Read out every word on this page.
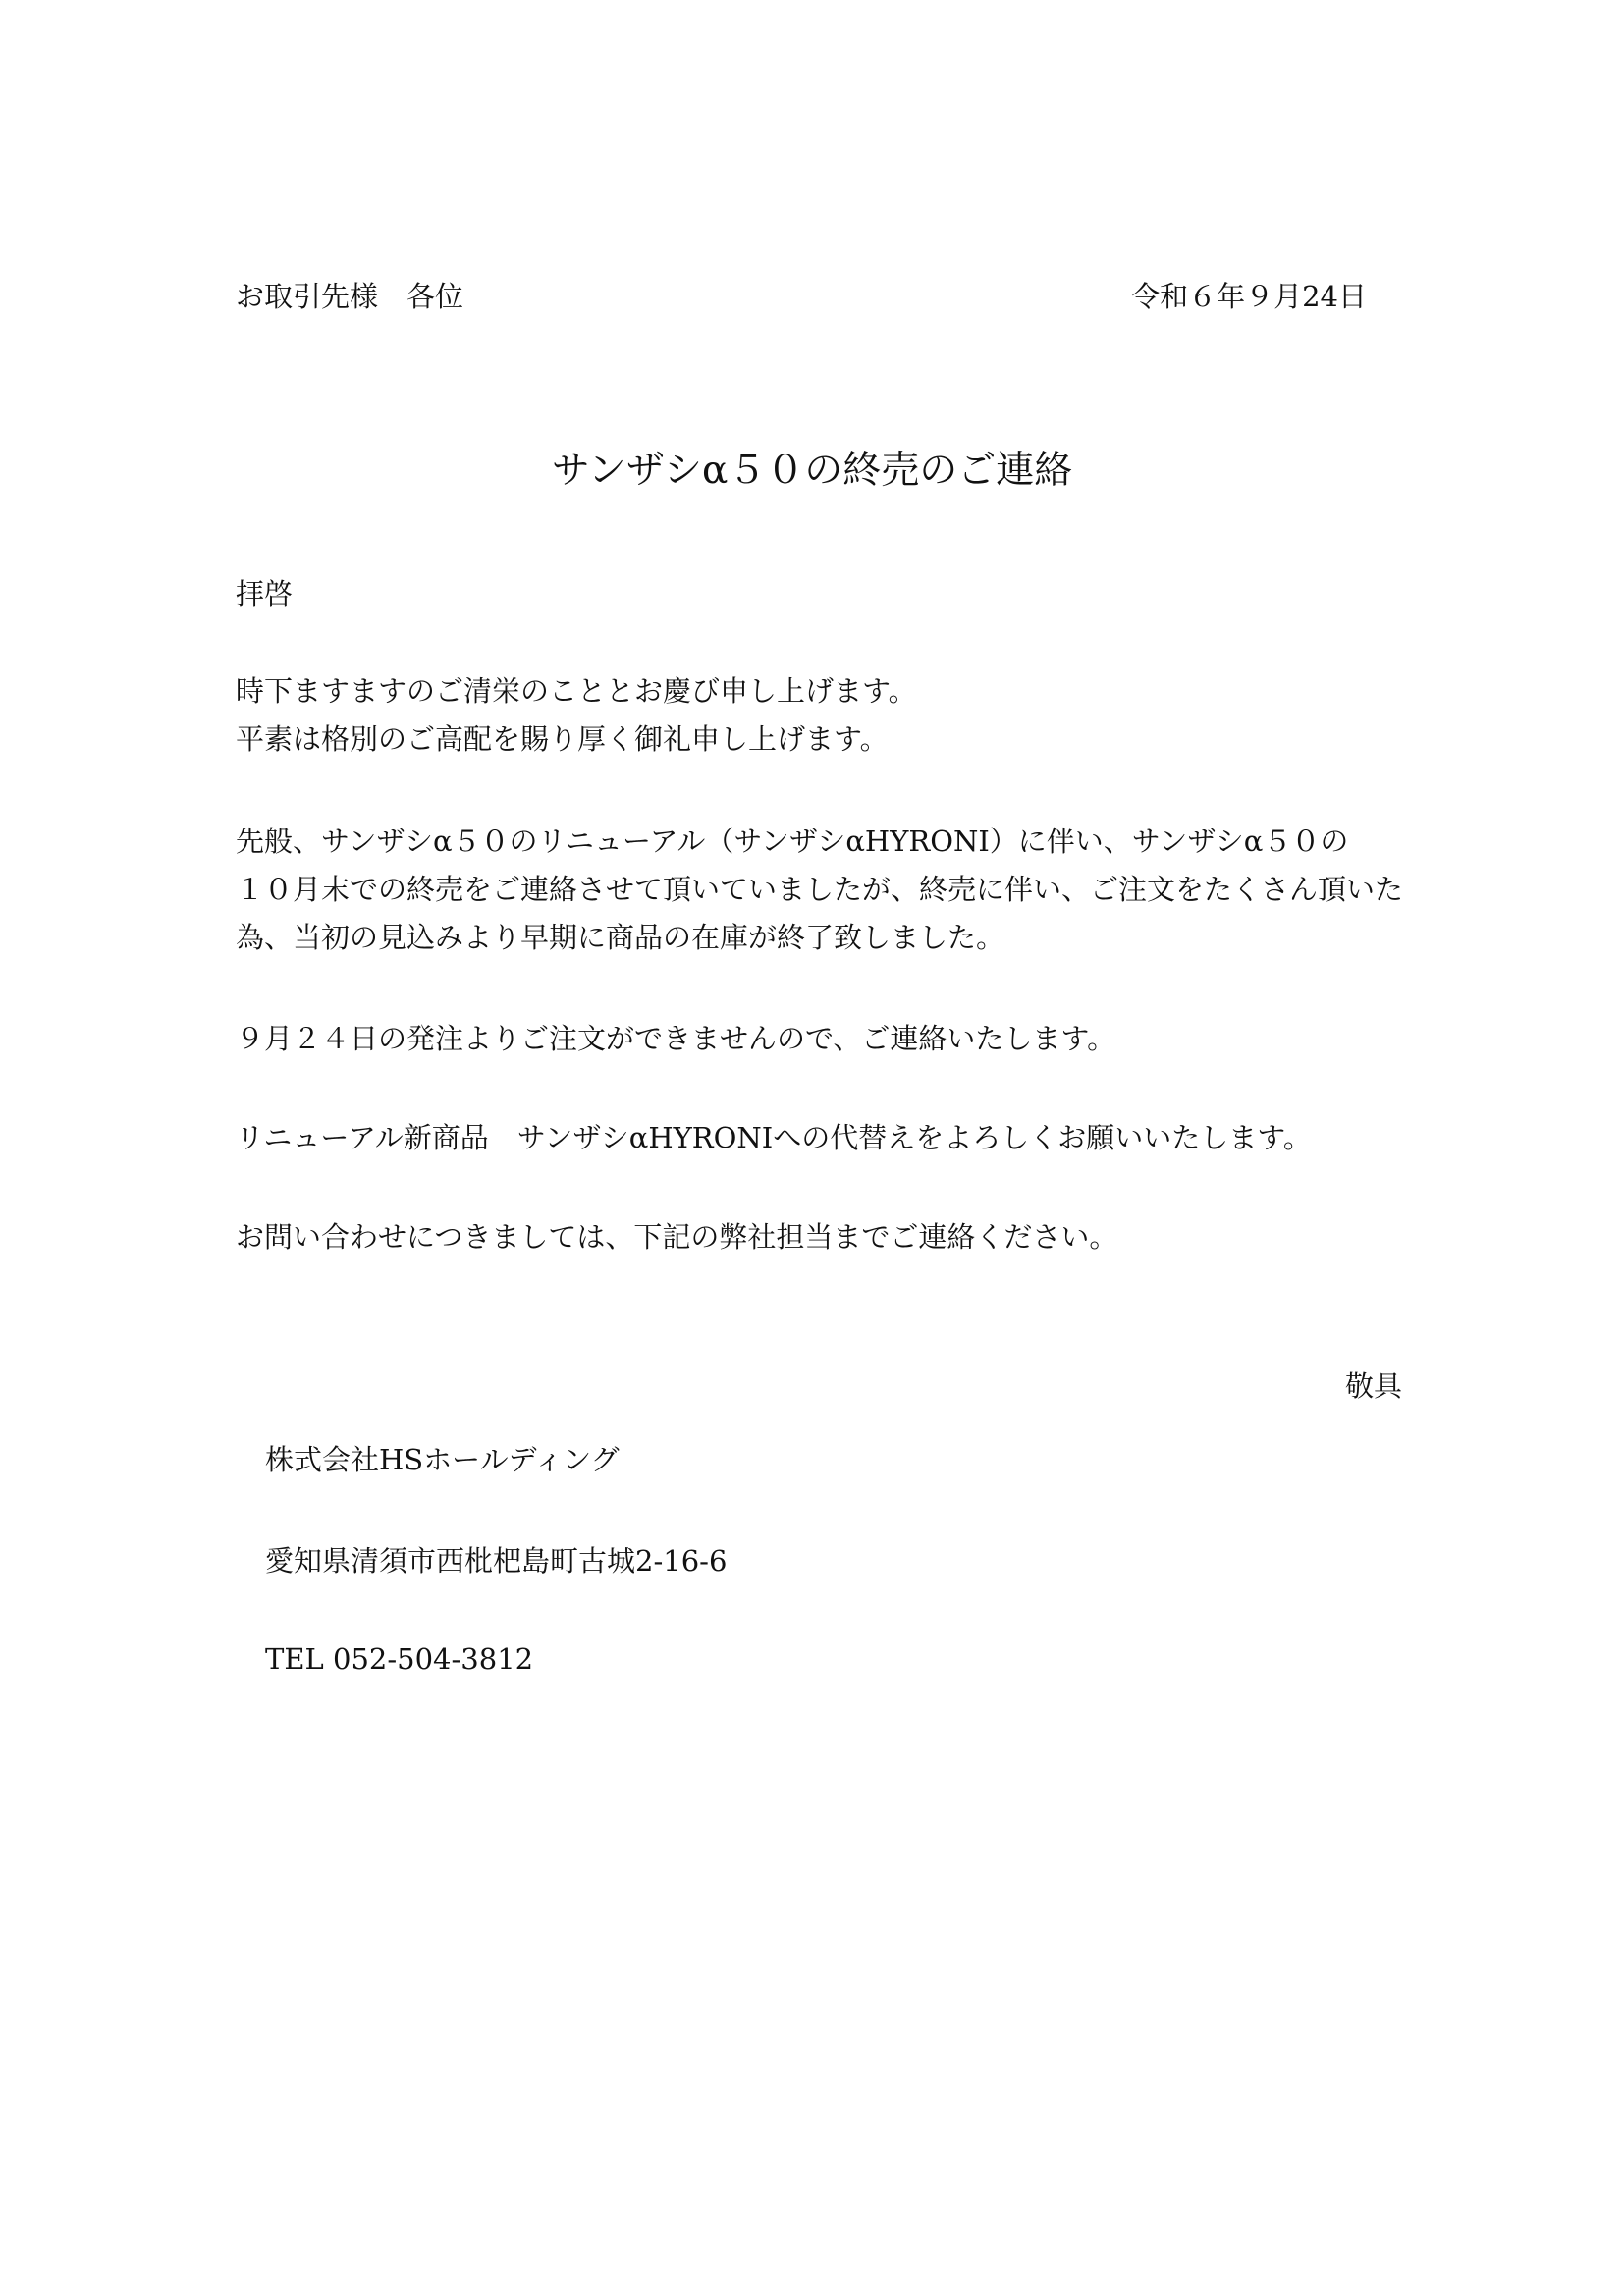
お取引先様　各位	令和６年９月24日

サンザシα５０の終売のご連絡

拝啓

時下ますますのご清栄のこととお慶び申し上げます。

平素は格別のご高配を賜り厚く御礼申し上げます。

先般、サンザシα５０のリニューアル（サンザシαHYRONI）に伴い、サンザシα５０の

１０月末での終売をご連絡させて頂いていましたが、終売に伴い、ご注文をたくさん頂いた

為、当初の見込みより早期に商品の在庫が終了致しました。

９月２４日の発注よりご注文ができませんので、ご連絡いたします。

リニューアル新商品　サンザシαHYRONIへの代替えをよろしくお願いいたします。

お問い合わせにつきましては、下記の弊社担当までご連絡ください。

敬具

株式会社HSホールディング

愛知県清須市西枇杷島町古城2-16-6

TEL 052-504-3812
